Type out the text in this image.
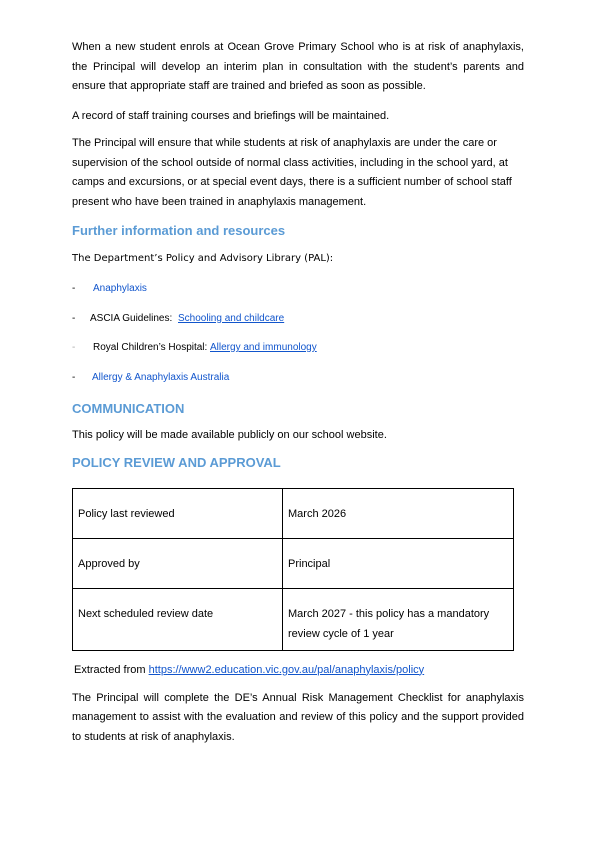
When a new student enrols at Ocean Grove Primary School who is at risk of anaphylaxis, the Principal will develop an interim plan in consultation with the student’s parents and ensure that appropriate staff are trained and briefed as soon as possible.

A record of staff training courses and briefings will be maintained.

The Principal will ensure that while students at risk of anaphylaxis are under the care or supervision of the school outside of normal class activities, including in the school yard, at camps and excursions, or at special event days, there is a sufficient number of school staff present who have been trained in anaphylaxis management.

Further information and resources

The Department’s Policy and Advisory Library (PAL):

- Anaphylaxis
- ASCIA Guidelines: Schooling and childcare
- Royal Children’s Hospital: Allergy and immunology
- Allergy & Anaphylaxis Australia
COMMUNICATION

This policy will be made available publicly on our school website.

POLICY REVIEW AND APPROVAL
Policy last reviewed	March 2026
Approved by	Principal
Next scheduled review date	March 2027 - this policy has a mandatory review cycle of 1 year

Extracted from https://www2.education.vic.gov.au/pal/anaphylaxis/policy

The Principal will complete the DE’s Annual Risk Management Checklist for anaphylaxis management to assist with the evaluation and review of this policy and the support provided to students at risk of anaphylaxis.
